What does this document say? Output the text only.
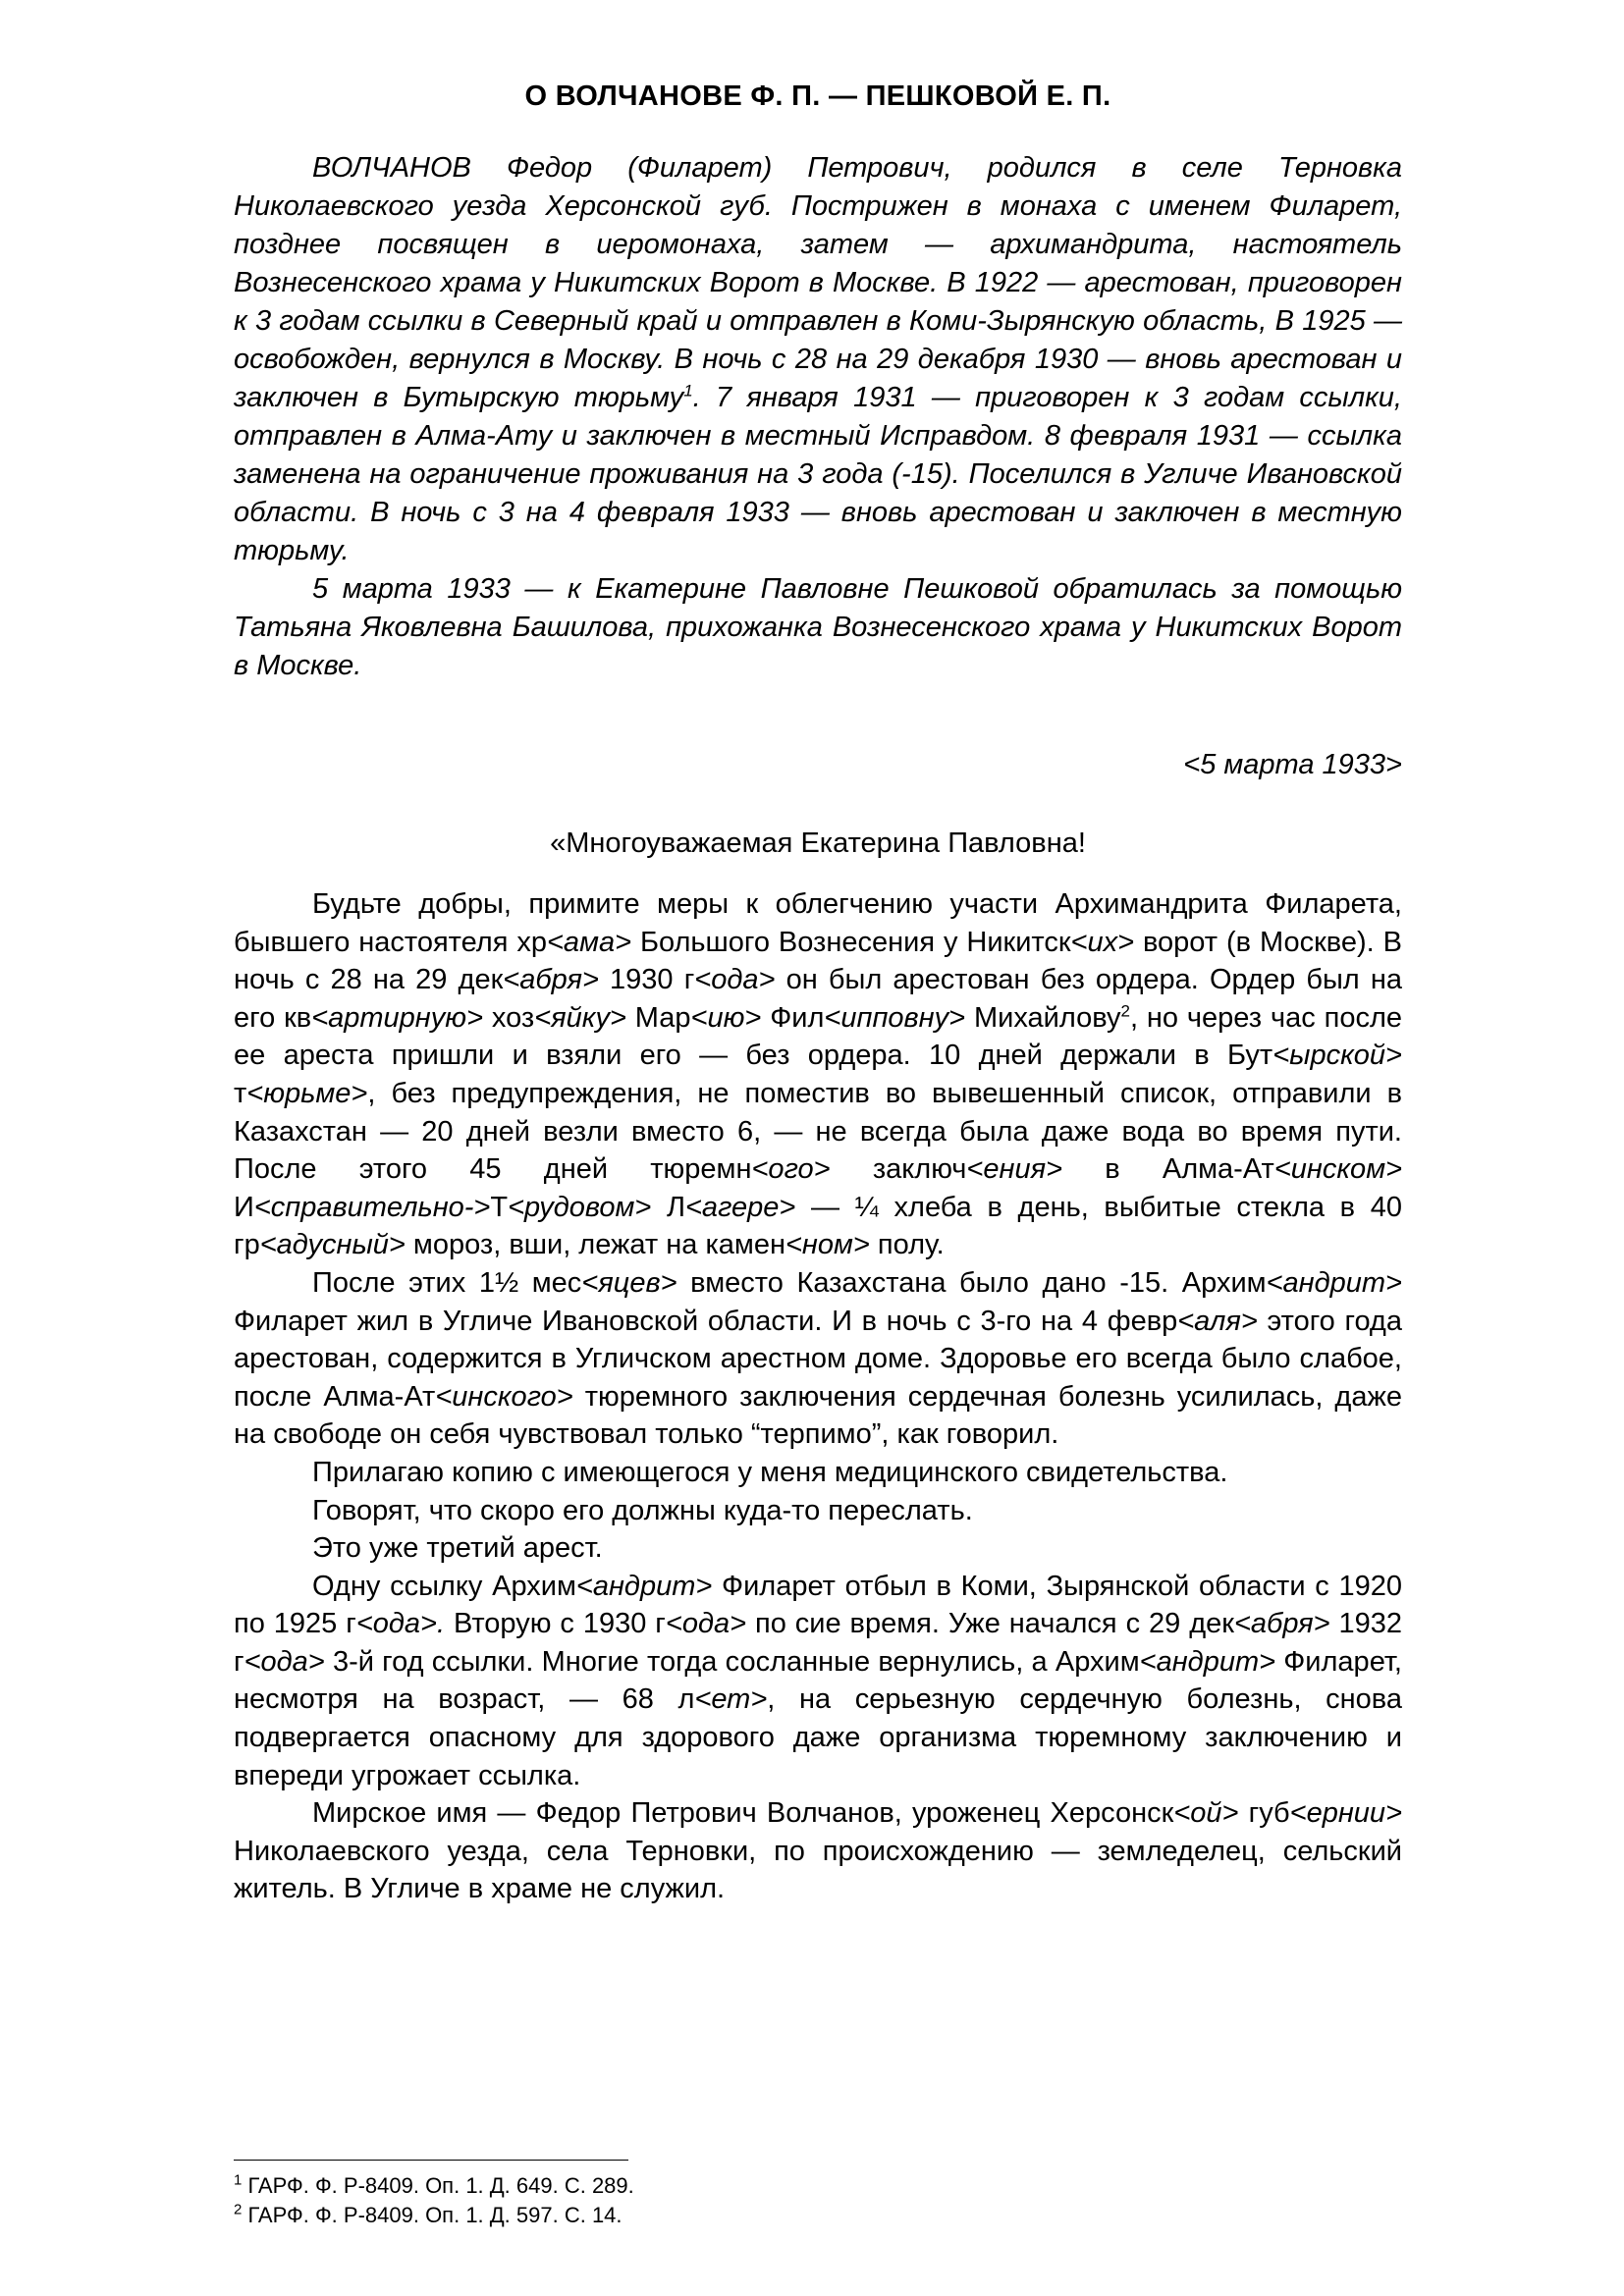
О ВОЛЧАНОВЕ Ф. П. — ПЕШКОВОЙ Е. П.

ВОЛЧАНОВ Федор (Филарет) Петрович, родился в селе Терновка Николаевского уезда Херсонской губ. Пострижен в монаха с именем Филарет, позднее посвящен в иеромонаха, затем — архимандрита, настоятель Вознесенского храма у Никитских Ворот в Москве. В 1922 — арестован, приговорен к 3 годам ссылки в Северный край и отправлен в Коми-Зырянскую область, В 1925 — освобожден, вернулся в Москву. В ночь с 28 на 29 декабря 1930 — вновь арестован и заключен в Бутырскую тюрьму$^1$. 7 января 1931 — приговорен к 3 годам ссылки, отправлен в Алма-Ату и заключен в местный Исправдом. 8 февраля 1931 — ссылка заменена на ограничение проживания на 3 года (-15). Поселился в Угличе Ивановской области. В ночь с 3 на 4 февраля 1933 — вновь арестован и заключен в местную тюрьму.

5 марта 1933 — к Екатерине Павловне Пешковой обратилась за помощью Татьяна Яковлевна Башилова, прихожанка Вознесенского храма у Никитских Ворот в Москве.

<5 марта 1933>
«Многоуважаемая Екатерина Павловна!

Будьте добры, примите меры к облегчению участи Архимандрита Филарета, бывшего настоятеля хр<ама> Большого Вознесения у Никитск<их> ворот (в Москве). В ночь с 28 на 29 дек<абря> 1930 г<ода> он был арестован без ордера. Ордер был на его кв<артирную> хоз<яйку> Мар<ию> Фил<ипповну> Михайлову$^2$, но через час после ее ареста пришли и взяли его — без ордера. 10 дней держали в Бут<ырской> т<юрьме>, без предупреждения, не поместив во вывешенный список, отправили в Казахстан — 20 дней везли вместо 6, — не всегда была даже вода во время пути. После этого 45 дней тюремн<ого> заключ<ения> в Алма-Ат<инском> И<справительно->Т<рудовом> Л<агере> — ¼ хлеба в день, выбитые стекла в 40 гр<адусный> мороз, вши, лежат на камен<ном> полу.

После этих 1½ мес<яцев> вместо Казахстана было дано -15. Архим<андрит> Филарет жил в Угличе Ивановской области. И в ночь с 3-го на 4 февр<аля> этого года арестован, содержится в Угличском арестном доме. Здоровье его всегда было слабое, после Алма-Ат<инского> тюремного заключения сердечная болезнь усилилась, даже на свободе он себя чувствовал только “терпимо”, как говорил.

Прилагаю копию с имеющегося у меня медицинского свидетельства.

Говорят, что скоро его должны куда-то переслать.

Это уже третий арест.

Одну ссылку Архим<андрит> Филарет отбыл в Коми, Зырянской области с 1920 по 1925 г<ода>. Вторую с 1930 г<ода> по сие время. Уже начался с 29 дек<абря> 1932 г<ода> 3-й год ссылки. Многие тогда сосланные вернулись, а Архим<андрит> Филарет, несмотря на возраст, — 68 л<ет>, на серьезную сердечную болезнь, снова подвергается опасному для здорового даже организма тюремному заключению и впереди угрожает ссылка.

Мирское имя — Федор Петрович Волчанов, уроженец Херсонск<ой> губ<ернии> Николаевского уезда, села Терновки, по происхождению — земледелец, сельский житель. В Угличе в храме не служил.

$^1$ ГАРФ. Ф. Р-8409. Оп. 1. Д. 649. С. 289.
$^2$ ГАРФ. Ф. Р-8409. Оп. 1. Д. 597. С. 14.
